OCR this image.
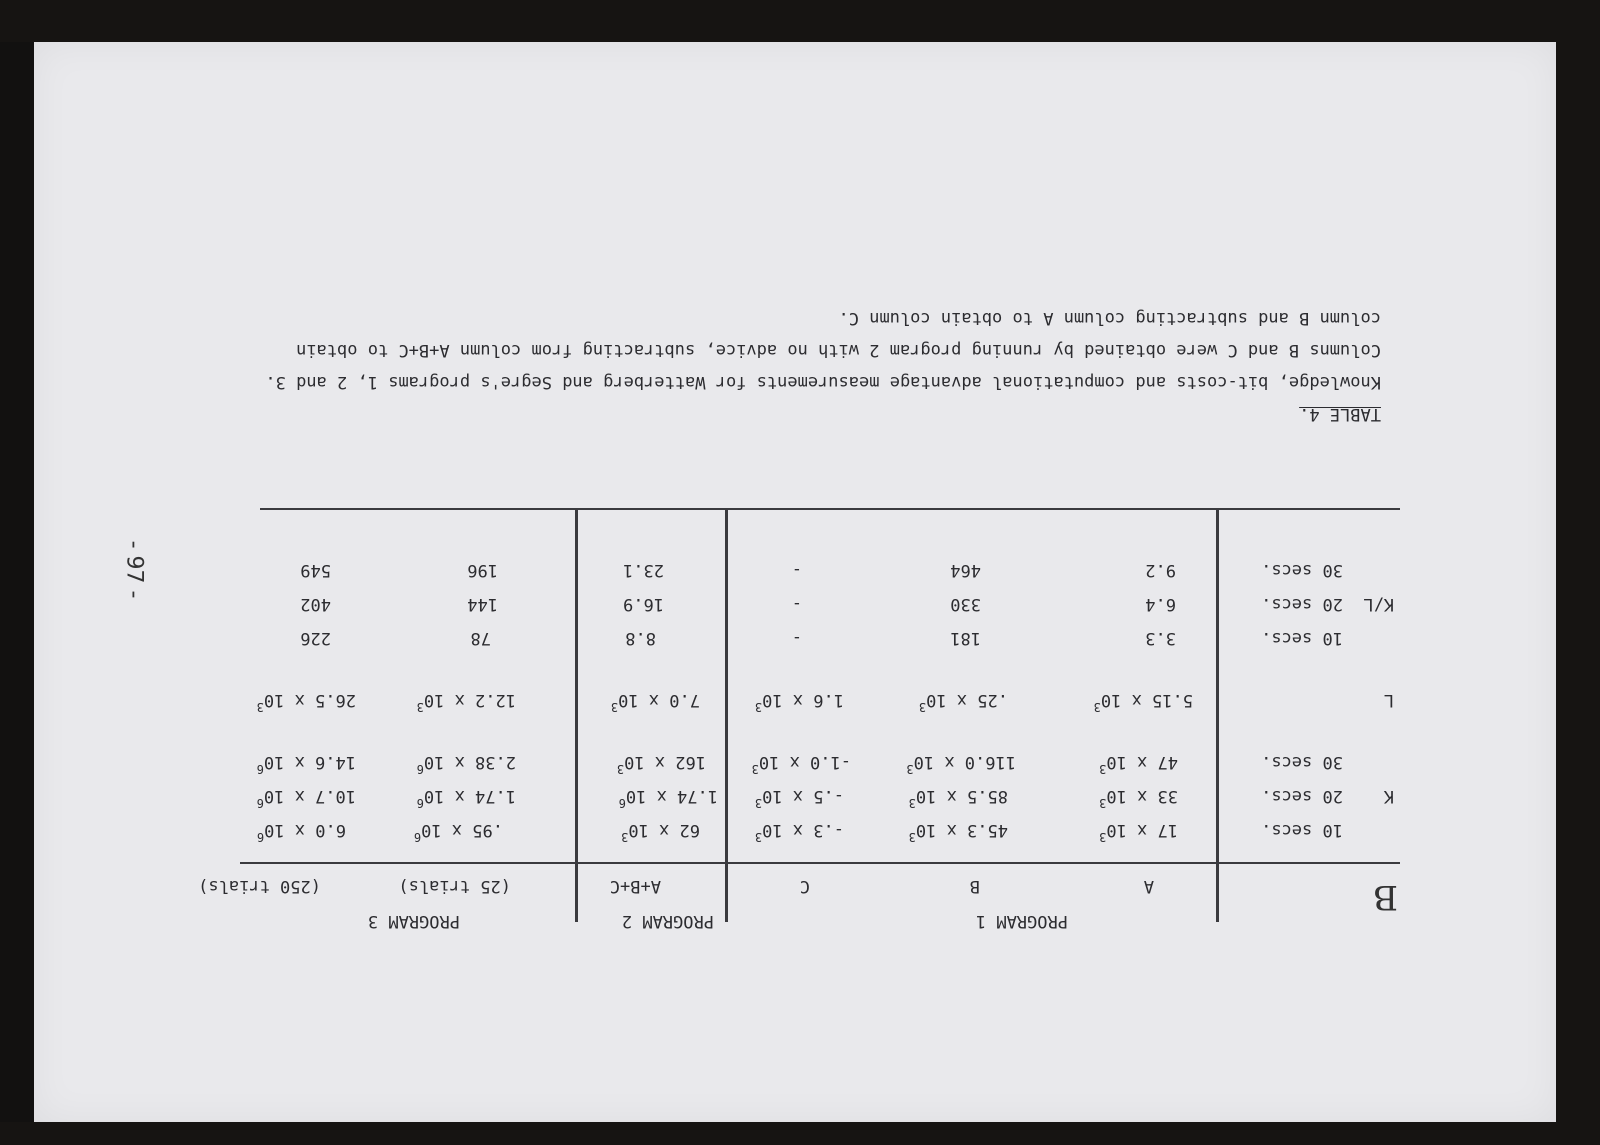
B
PROGRAM 1
PROGRAM 2
PROGRAM 3
A
B
C
A+B+C
(25 trials)
(250 trials)
K
10 secs.
20 secs.
30 secs.
17 x $10^3$
45.3 x $10^3$
-.3 x $10^3$
62 x $10^3$
.95 x $10^6$
6.0 x $10^6$
33 x $10^3$
85.5 x $10^3$
-.5 x $10^3$
1.74 x $10^6$
1.74 x $10^6$
10.7 x $10^6$
47 x $10^3$
116.0 x $10^3$
-1.0 x $10^3$
162 x $10^3$
2.38 x $10^6$
14.6 x $10^6$
L
5.15 x $10^3$
.25 x $10^3$
1.6 x $10^3$
7.0 x $10^3$
12.2 x $10^3$
26.5 x $10^3$
K/L
10 secs.
20 secs.
30 secs.
3.3
181
-
8.8
78
226
6.4
330
-
16.9
144
402
9.2
464
-
23.1
196
549
TABLE 4.
Knowledge, bit-costs and computational advantage measurements for Watterberg and Segre's programs 1, 2 and 3.
Columns B and C were obtained by running program 2 with no advice, subtracting from column A+B+C to obtain
column B and subtracting column A to obtain column C.
- 97 -
